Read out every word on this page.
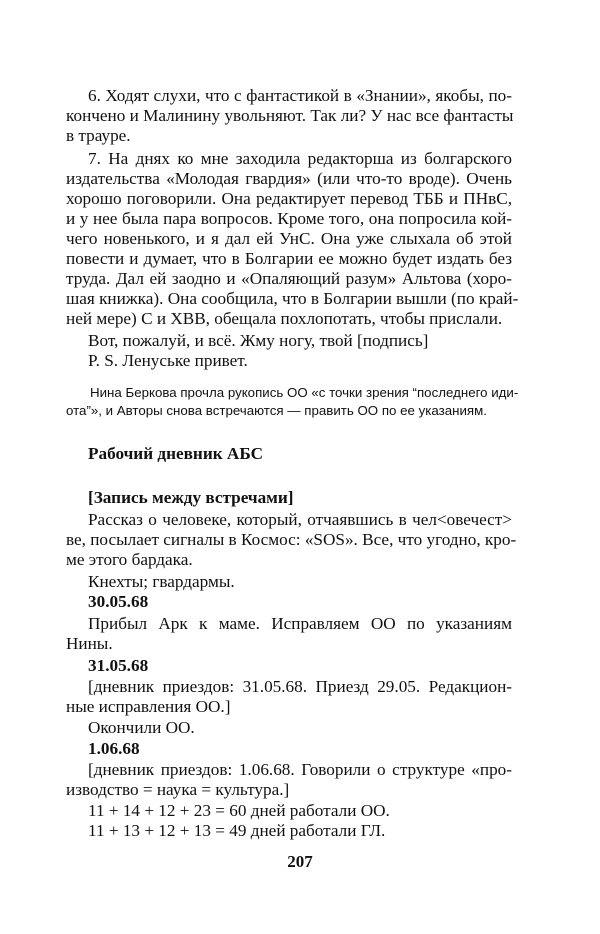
6. Ходят слухи, что с фантастикой в «Знании», якобы, по-
кончено и Малинину увольняют. Так ли? У нас все фантасты
в трауре.
7. На днях ко мне заходила редакторша из болгарского
издательства «Молодая гвардия» (или что-то вроде). Очень
хорошо поговорили. Она редактирует перевод ТББ и ПНвС,
и у нее была пара вопросов. Кроме того, она попросила кой-
чего новенького, и я дал ей УнС. Она уже слыхала об этой
повести и думает, что в Болгарии ее можно будет издать без
труда. Дал ей заодно и «Опаляющий разум» Альтова (хоро-
шая книжка). Она сообщила, что в Болгарии вышли (по край-
ней мере) С и ХВВ, обещала похлопотать, чтобы прислали.
Вот, пожалуй, и всё. Жму ногу, твой [подпись]
P. S. Ленуське привет.
Нина Беркова прочла рукопись ОО «с точки зрения “последнего иди-
ота”», и Авторы снова встречаются — править ОО по ее указаниям.
Рабочий дневник АБС
[Запись между встречами]
Рассказ о человеке, который, отчаявшись в чел<овечест>
ве, посылает сигналы в Космос: «SOS». Все, что угодно, кро-
ме этого бардака.
Кнехты; гвардармы.
30.05.68
Прибыл Арк к маме. Исправляем ОО по указаниям
Нины.
31.05.68
[дневник приездов: 31.05.68. Приезд 29.05. Редакцион-
ные исправления ОО.]
Окончили ОО.
1.06.68
[дневник приездов: 1.06.68. Говорили о структуре «про-
изводство = наука = культура.]
11 + 14 + 12 + 23 = 60 дней работали ОО.
11 + 13 + 12 + 13 = 49 дней работали ГЛ.
207
